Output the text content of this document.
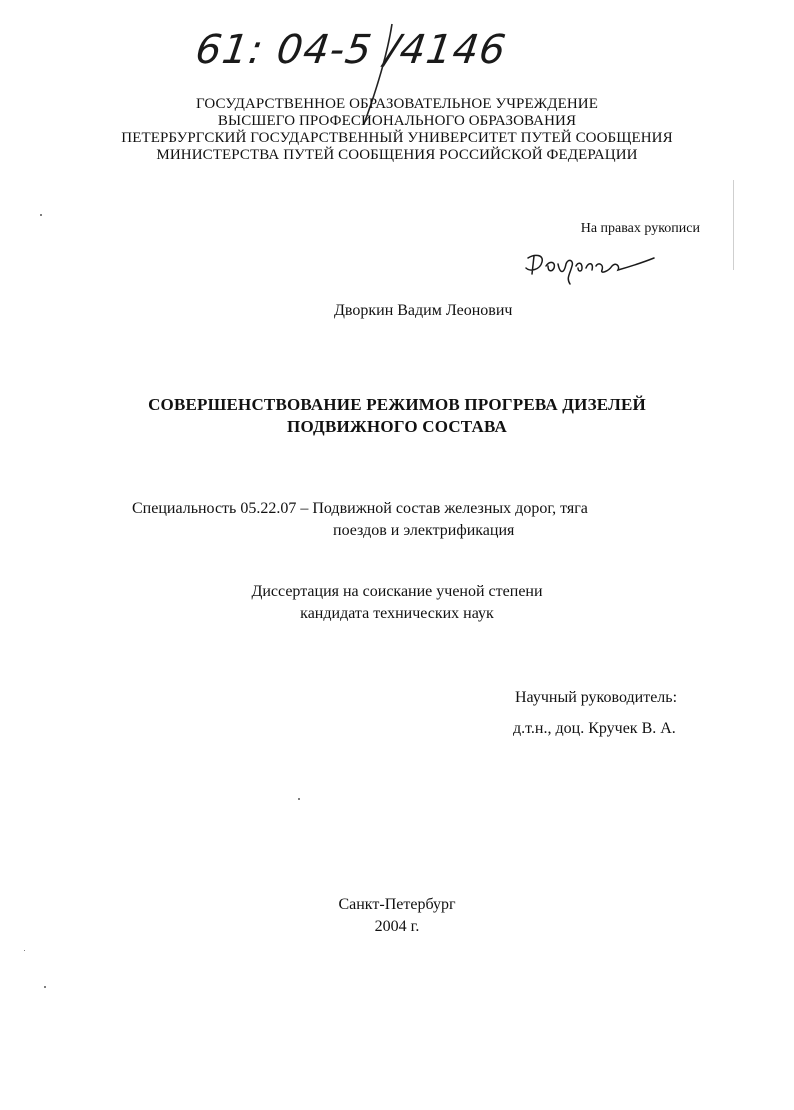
61: 04-5 /4146
ГОСУДАРСТВЕННОЕ ОБРАЗОВАТЕЛЬНОЕ УЧРЕЖДЕНИЕ
ВЫСШЕГО ПРОФЕСИОНАЛЬНОГО ОБРАЗОВАНИЯ
ПЕТЕРБУРГСКИЙ ГОСУДАРСТВЕННЫЙ УНИВЕРСИТЕТ ПУТЕЙ СООБЩЕНИЯ
МИНИСТЕРСТВА ПУТЕЙ СООБЩЕНИЯ РОССИЙСКОЙ ФЕДЕРАЦИИ
На правах рукописи
Дворкин Вадим Леонович
СОВЕРШЕНСТВОВАНИЕ РЕЖИМОВ ПРОГРЕВА ДИЗЕЛЕЙ
ПОДВИЖНОГО СОСТАВА
Специальность 05.22.07 – Подвижной состав железных дорог, тяга
поездов и электрификация
Диссертация на соискание ученой степени
кандидата технических наук
Научный руководитель:
д.т.н., доц. Кручек В. А.
Санкт-Петербург
2004 г.
